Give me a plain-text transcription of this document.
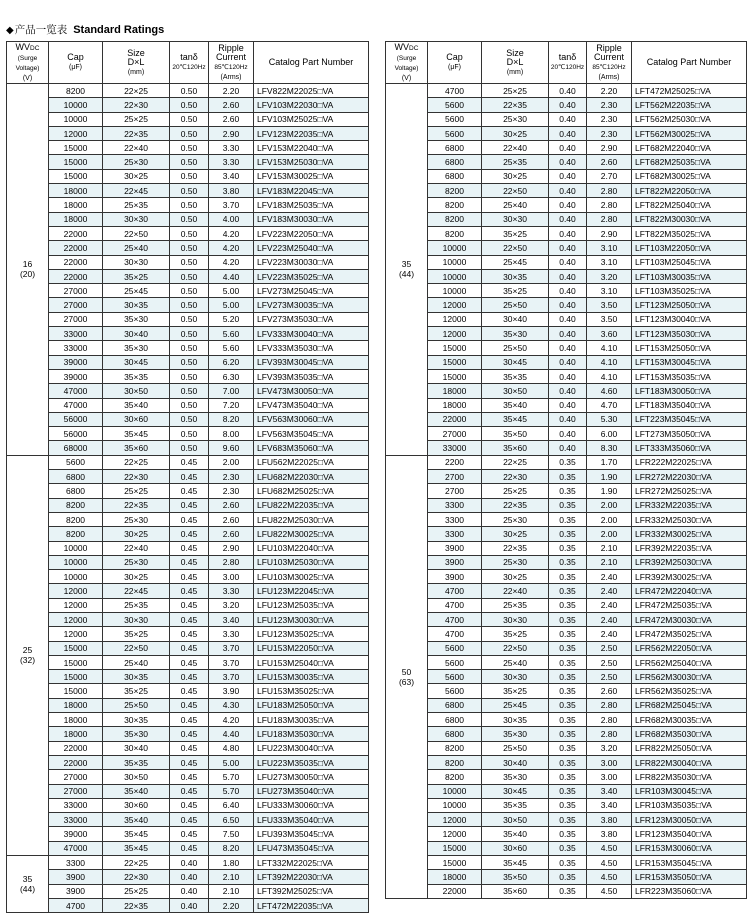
◆产品一览表 Standard Ratings
WVDC
(Surge
Voltage)
(V)	Cap
(μF)	Size
D×L
(mm)	tanδ
20℃120Hz	Ripple
Current
85℃120Hz
(Arms)	Catalog Part Number
16
(20)	8200	22×25	0.50	2.20	LFV822M22025□VA
	10000	22×30	0.50	2.60	LFV103M22030□VA
	10000	25×25	0.50	2.60	LFV103M25025□VA
	12000	22×35	0.50	2.90	LFV123M22035□VA
	15000	22×40	0.50	3.30	LFV153M22040□VA
	15000	25×30	0.50	3.30	LFV153M25030□VA
	15000	30×25	0.50	3.40	LFV153M30025□VA
	18000	22×45	0.50	3.80	LFV183M22045□VA
	18000	25×35	0.50	3.70	LFV183M25035□VA
	18000	30×30	0.50	4.00	LFV183M30030□VA
	22000	22×50	0.50	4.20	LFV223M22050□VA
	22000	25×40	0.50	4.20	LFV223M25040□VA
	22000	30×30	0.50	4.20	LFV223M30030□VA
	22000	35×25	0.50	4.40	LFV223M35025□VA
	27000	25×45	0.50	5.00	LFV273M25045□VA
	27000	30×35	0.50	5.00	LFV273M30035□VA
	27000	35×30	0.50	5.20	LFV273M35030□VA
	33000	30×40	0.50	5.60	LFV333M30040□VA
	33000	35×30	0.50	5.60	LFV333M35030□VA
	39000	30×45	0.50	6.20	LFV393M30045□VA
	39000	35×35	0.50	6.30	LFV393M35035□VA
	47000	30×50	0.50	7.00	LFV473M30050□VA
	47000	35×40	0.50	7.20	LFV473M35040□VA
	56000	30×60	0.50	8.20	LFV563M30060□VA
	56000	35×45	0.50	8.00	LFV563M35045□VA
	68000	35×60	0.50	9.60	LFV683M35060□VA
25
(32)	5600	22×25	0.45	2.00	LFU562M22025□VA
	6800	22×30	0.45	2.30	LFU682M22030□VA
	6800	25×25	0.45	2.30	LFU682M25025□VA
	8200	22×35	0.45	2.60	LFU822M22035□VA
	8200	25×30	0.45	2.60	LFU822M25030□VA
	8200	30×25	0.45	2.60	LFU822M30025□VA
	10000	22×40	0.45	2.90	LFU103M22040□VA
	10000	25×30	0.45	2.80	LFU103M25030□VA
	10000	30×25	0.45	3.00	LFU103M30025□VA
	12000	22×45	0.45	3.30	LFU123M22045□VA
	12000	25×35	0.45	3.20	LFU123M25035□VA
	12000	30×30	0.45	3.40	LFU123M30030□VA
	12000	35×25	0.45	3.30	LFU123M35025□VA
	15000	22×50	0.45	3.70	LFU153M22050□VA
	15000	25×40	0.45	3.70	LFU153M25040□VA
	15000	30×35	0.45	3.70	LFU153M30035□VA
	15000	35×25	0.45	3.90	LFU153M35025□VA
	18000	25×50	0.45	4.30	LFU183M25050□VA
	18000	30×35	0.45	4.20	LFU183M30035□VA
	18000	35×30	0.45	4.40	LFU183M35030□VA
	22000	30×40	0.45	4.80	LFU223M30040□VA
	22000	35×35	0.45	5.00	LFU223M35035□VA
	27000	30×50	0.45	5.70	LFU273M30050□VA
	27000	35×40	0.45	5.70	LFU273M35040□VA
	33000	30×60	0.45	6.40	LFU333M30060□VA
	33000	35×40	0.45	6.50	LFU333M35040□VA
	39000	35×45	0.45	7.50	LFU393M35045□VA
	47000	35×45	0.45	8.20	LFU473M35045□VA
35
(44)	3300	22×25	0.40	1.80	LFT332M22025□VA
	3900	22×30	0.40	2.10	LFT392M22030□VA
	3900	25×25	0.40	2.10	LFT392M25025□VA
	4700	22×35	0.40	2.20	LFT472M22035□VA
WVDC
(Surge
Voltage)
(V)	Cap
(μF)	Size
D×L
(mm)	tanδ
20℃120Hz	Ripple
Current
85℃120Hz
(Arms)	Catalog Part Number
35
(44)	4700	25×25	0.40	2.20	LFT472M25025□VA
	5600	22×35	0.40	2.30	LFT562M22035□VA
	5600	25×30	0.40	2.30	LFT562M25030□VA
	5600	30×25	0.40	2.30	LFT562M30025□VA
	6800	22×40	0.40	2.90	LFT682M22040□VA
	6800	25×35	0.40	2.60	LFT682M25035□VA
	6800	30×25	0.40	2.70	LFT682M30025□VA
	8200	22×50	0.40	2.80	LFT822M22050□VA
	8200	25×40	0.40	2.80	LFT822M25040□VA
	8200	30×30	0.40	2.80	LFT822M30030□VA
	8200	35×25	0.40	2.90	LFT822M35025□VA
	10000	22×50	0.40	3.10	LFT103M22050□VA
	10000	25×45	0.40	3.10	LFT103M25045□VA
	10000	30×35	0.40	3.20	LFT103M30035□VA
	10000	35×25	0.40	3.10	LFT103M35025□VA
	12000	25×50	0.40	3.50	LFT123M25050□VA
	12000	30×40	0.40	3.50	LFT123M30040□VA
	12000	35×30	0.40	3.60	LFT123M35030□VA
	15000	25×50	0.40	4.10	LFT153M25050□VA
	15000	30×45	0.40	4.10	LFT153M30045□VA
	15000	35×35	0.40	4.10	LFT153M35035□VA
	18000	30×50	0.40	4.60	LFT183M30050□VA
	18000	35×40	0.40	4.70	LFT183M35040□VA
	22000	35×45	0.40	5.30	LFT223M35045□VA
	27000	35×50	0.40	6.00	LFT273M35050□VA
	33000	35×60	0.40	8.30	LFT333M35060□VA
50
(63)	2200	22×25	0.35	1.70	LFR222M22025□VA
	2700	22×30	0.35	1.90	LFR272M22030□VA
	2700	25×25	0.35	1.90	LFR272M25025□VA
	3300	22×35	0.35	2.00	LFR332M22035□VA
	3300	25×30	0.35	2.00	LFR332M25030□VA
	3300	30×25	0.35	2.00	LFR332M30025□VA
	3900	22×35	0.35	2.10	LFR392M22035□VA
	3900	25×30	0.35	2.10	LFR392M25030□VA
	3900	30×25	0.35	2.40	LFR392M30025□VA
	4700	22×40	0.35	2.40	LFR472M22040□VA
	4700	25×35	0.35	2.40	LFR472M25035□VA
	4700	30×30	0.35	2.40	LFR472M30030□VA
	4700	35×25	0.35	2.40	LFR472M35025□VA
	5600	22×50	0.35	2.50	LFR562M22050□VA
	5600	25×40	0.35	2.50	LFR562M25040□VA
	5600	30×30	0.35	2.50	LFR562M30030□VA
	5600	35×25	0.35	2.60	LFR562M35025□VA
	6800	25×45	0.35	2.80	LFR682M25045□VA
	6800	30×35	0.35	2.80	LFR682M30035□VA
	6800	35×30	0.35	2.80	LFR682M35030□VA
	8200	25×50	0.35	3.20	LFR822M25050□VA
	8200	30×40	0.35	3.00	LFR822M30040□VA
	8200	35×30	0.35	3.00	LFR822M35030□VA
	10000	30×45	0.35	3.40	LFR103M30045□VA
	10000	35×35	0.35	3.40	LFR103M35035□VA
	12000	30×50	0.35	3.80	LFR123M30050□VA
	12000	35×40	0.35	3.80	LFR123M35040□VA
	15000	30×60	0.35	4.50	LFR153M30060□VA
	15000	35×45	0.35	4.50	LFR153M35045□VA
	18000	35×50	0.35	4.50	LFR153M35050□VA
	22000	35×60	0.35	4.50	LFR223M35060□VA
